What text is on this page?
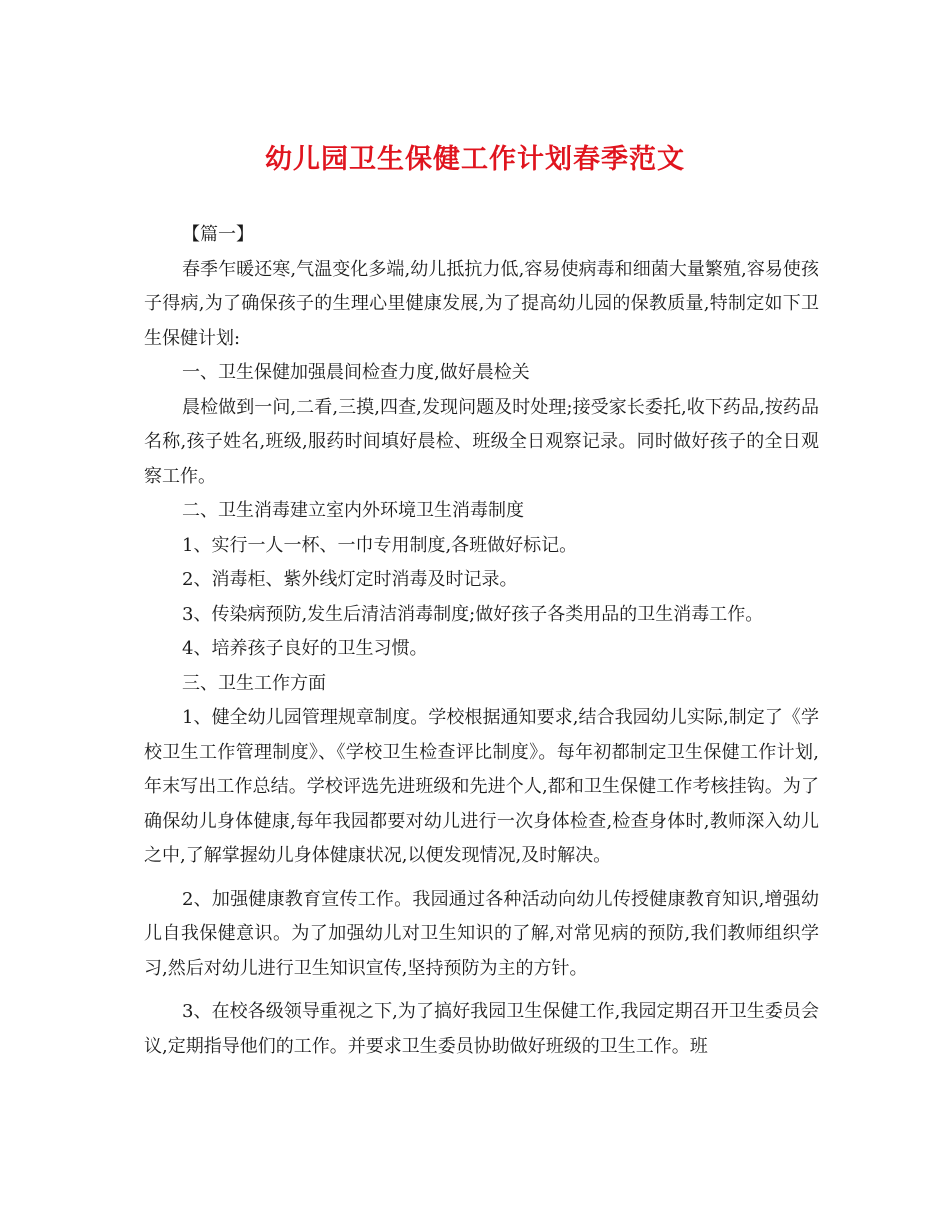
幼儿园卫生保健工作计划春季范文

【篇一】

春季乍暖还寒,气温变化多端,幼儿抵抗力低,容易使病毒和细菌大量繁殖,容易使孩子得病,为了确保孩子的生理心里健康发展,为了提高幼儿园的保教质量,特制定如下卫生保健计划:

一、卫生保健加强晨间检查力度,做好晨检关

晨检做到一问,二看,三摸,四查,发现问题及时处理;接受家长委托,收下药品,按药品名称,孩子姓名,班级,服药时间填好晨检、班级全日观察记录。同时做好孩子的全日观察工作。

二、卫生消毒建立室内外环境卫生消毒制度

1、实行一人一杯、一巾专用制度,各班做好标记。

2、消毒柜、紫外线灯定时消毒及时记录。

3、传染病预防,发生后清洁消毒制度;做好孩子各类用品的卫生消毒工作。

4、培养孩子良好的卫生习惯。

三、卫生工作方面

1、健全幼儿园管理规章制度。学校根据通知要求,结合我园幼儿实际,制定了《学校卫生工作管理制度》、《学校卫生检查评比制度》。每年初都制定卫生保健工作计划,年末写出工作总结。学校评选先进班级和先进个人,都和卫生保健工作考核挂钩。为了确保幼儿身体健康,每年我园都要对幼儿进行一次身体检查,检查身体时,教师深入幼儿之中,了解掌握幼儿身体健康状况,以便发现情况,及时解决。

2、加强健康教育宣传工作。我园通过各种活动向幼儿传授健康教育知识,增强幼儿自我保健意识。为了加强幼儿对卫生知识的了解,对常见病的预防,我们教师组织学习,然后对幼儿进行卫生知识宣传,坚持预防为主的方针。

3、在校各级领导重视之下,为了搞好我园卫生保健工作,我园定期召开卫生委员会议,定期指导他们的工作。并要求卫生委员协助做好班级的卫生工作。班
